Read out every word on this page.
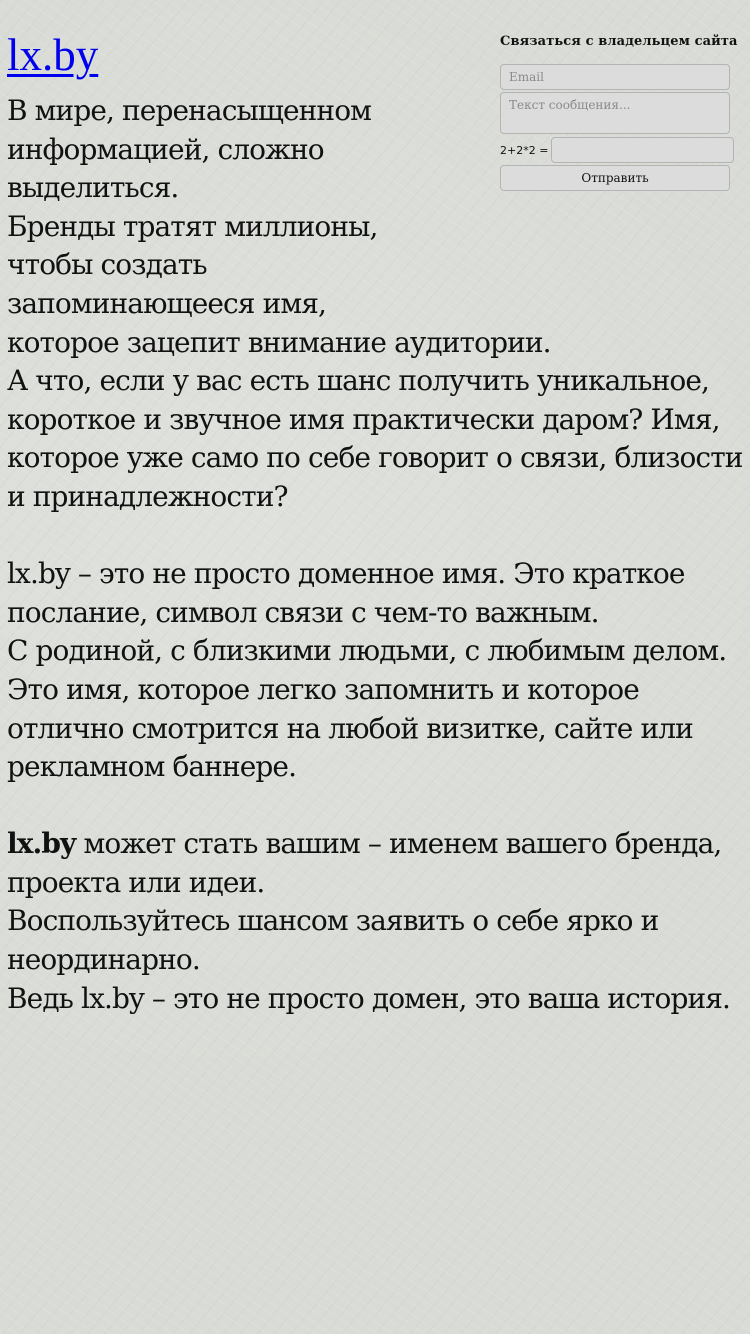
lx.by	Связаться с владельцем сайта
Email
Текст сообщения...
2+2*2 =
Отправить

В мире, перенасыщенном информацией, сложно выделиться.

Бренды тратят миллионы, чтобы создать запоминающееся имя, которое зацепит внимание аудитории.

А что, если у вас есть шанс получить уникальное, короткое и звучное имя практически даром? Имя, которое уже само по себе говорит о связи, близости и принадлежности?

lx.by – это не просто доменное имя. Это краткое послание, символ связи с чем-то важным.

С родиной, с близкими людьми, с любимым делом.

Это имя, которое легко запомнить и которое отлично смотрится на любой визитке, сайте или рекламном баннере.

lx.by может стать вашим – именем вашего бренда, проекта или идеи.

Воспользуйтесь шансом заявить о себе ярко и неординарно.

Ведь lx.by – это не просто домен, это ваша история.
